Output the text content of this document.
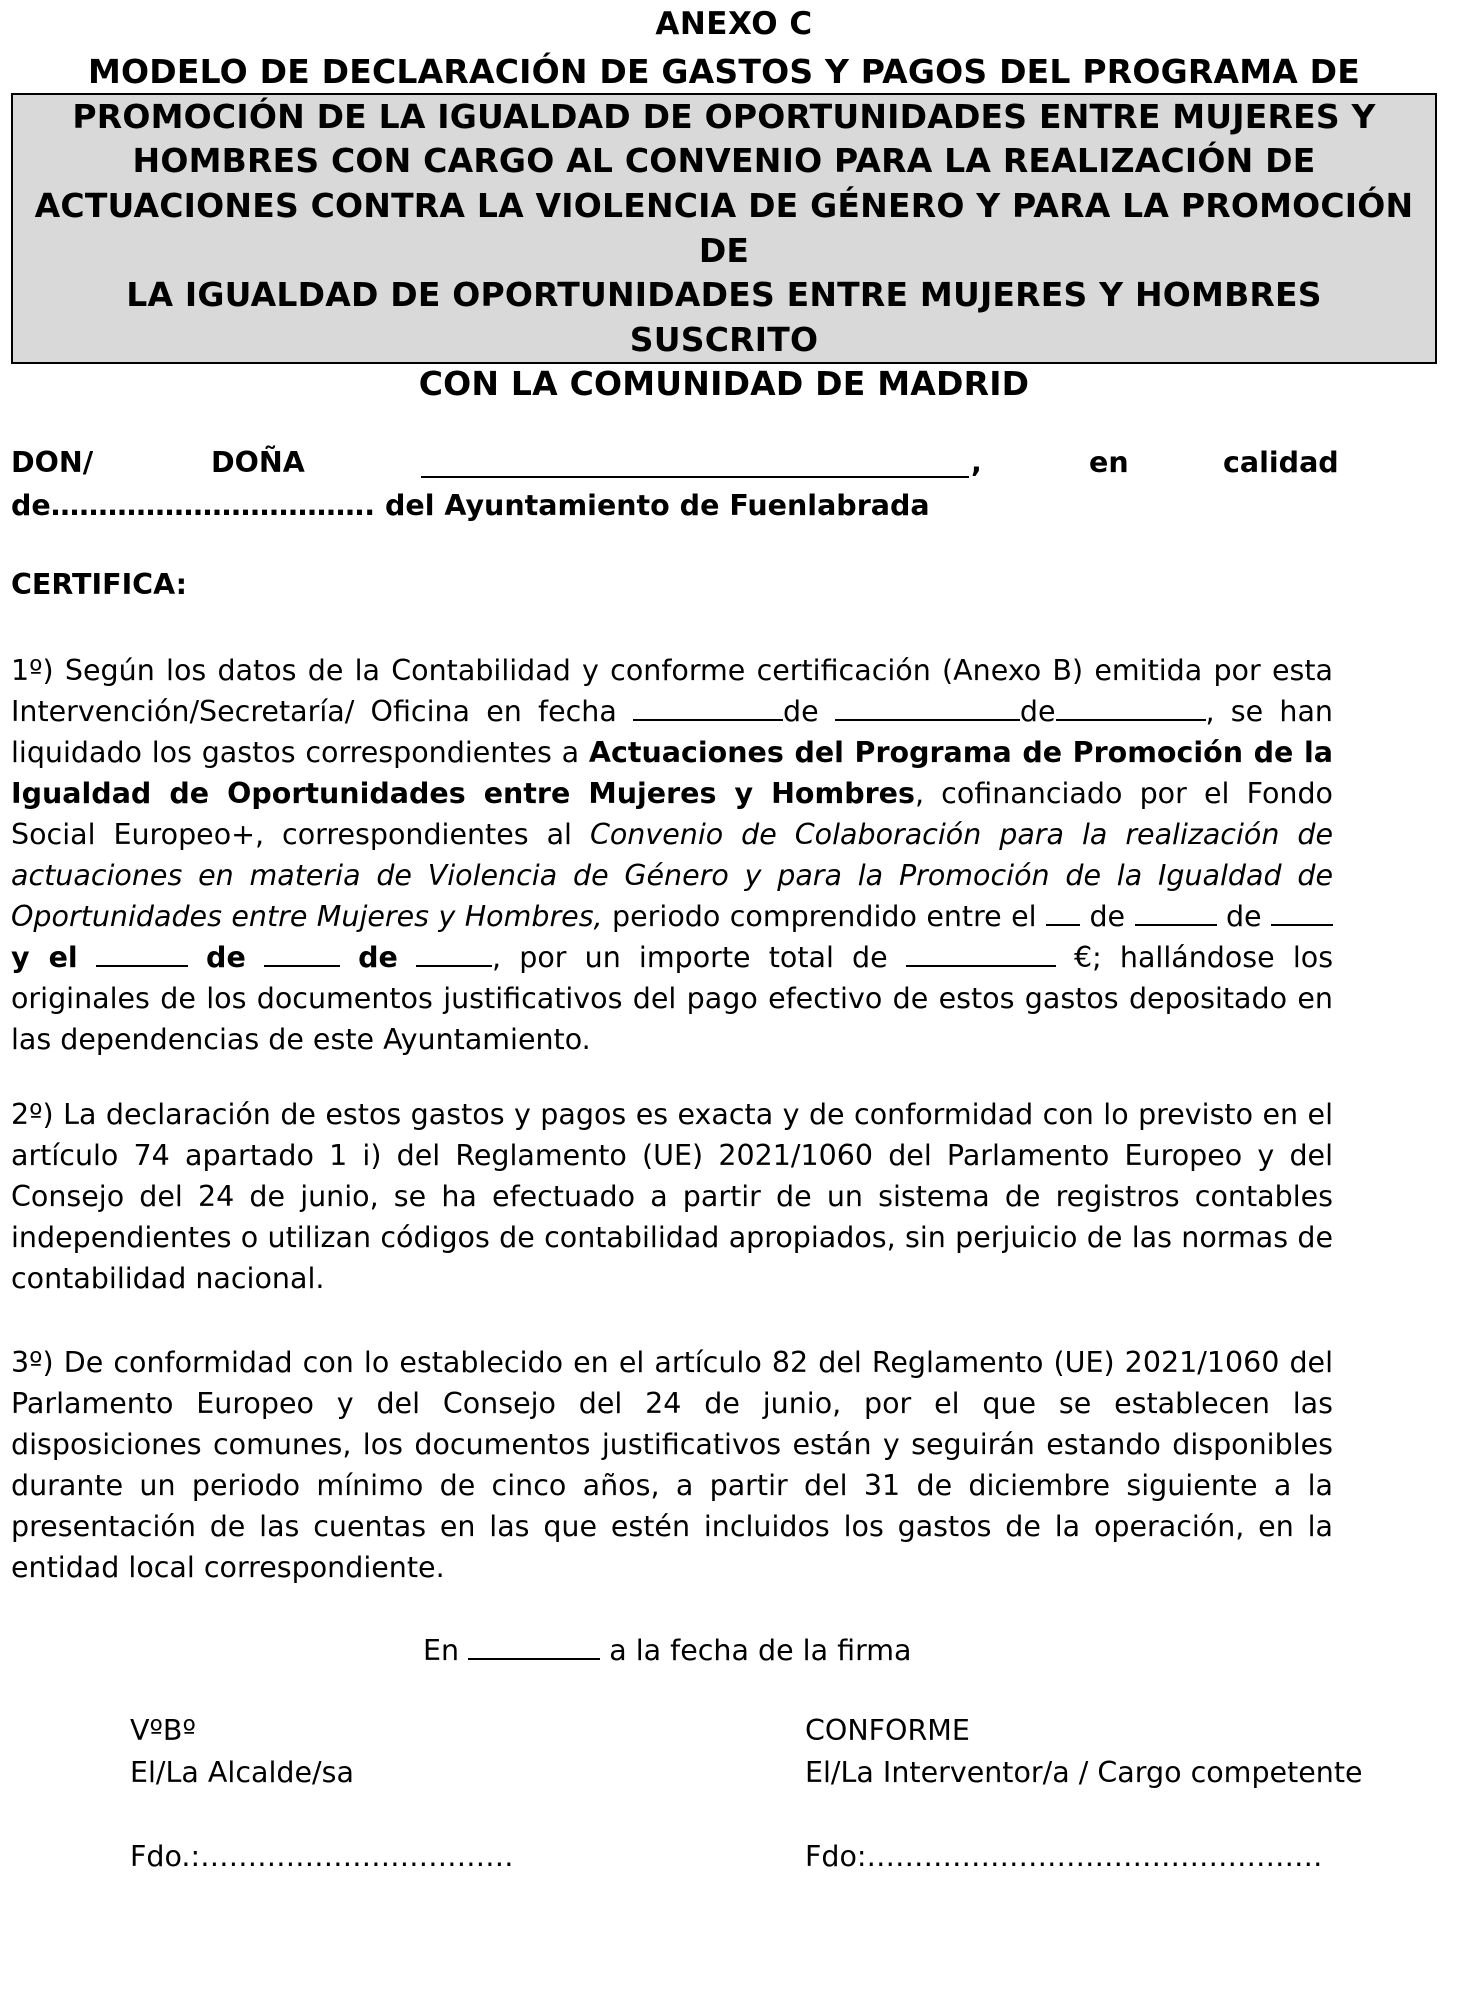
ANEXO C
MODELO DE DECLARACIÓN DE GASTOS Y PAGOS DEL PROGRAMA DE
PROMOCIÓN DE LA IGUALDAD DE OPORTUNIDADES ENTRE MUJERES Y
HOMBRES CON CARGO AL CONVENIO PARA LA REALIZACIÓN DE
ACTUACIONES CONTRA LA VIOLENCIA DE GÉNERO Y PARA LA PROMOCIÓN DE
LA IGUALDAD DE OPORTUNIDADES ENTRE MUJERES Y HOMBRES SUSCRITO
CON LA COMUNIDAD DE MADRID
DON/	DOÑA	,	en	calidad
de……………………………. del Ayuntamiento de Fuenlabrada
CERTIFICA:
1º) Según los datos de la Contabilidad y conforme certificación (Anexo B) emitida por esta Intervención/Secretaría/ Oficina en fecha	de	de	, se han liquidado los gastos correspondientes a Actuaciones del Programa de Promoción de la Igualdad de Oportunidades entre Mujeres y Hombres, cofinanciado por el Fondo Social Europeo+, correspondientes al Convenio de Colaboración para la realización de actuaciones en materia de Violencia de Género y para la Promoción de la Igualdad de Oportunidades entre Mujeres y Hombres, periodo comprendido entre el  de	de y el	de	de	, por un importe total de	€; hallándose los originales de los documentos justificativos del pago efectivo de estos gastos depositado en las dependencias de este Ayuntamiento.
2º) La declaración de estos gastos y pagos es exacta y de conformidad con lo previsto en el artículo 74 apartado 1 i) del Reglamento (UE) 2021/1060 del Parlamento Europeo y del Consejo del 24 de junio, se ha efectuado a partir de un sistema de registros contables independientes o utilizan códigos de contabilidad apropiados, sin perjuicio de las normas de contabilidad nacional.
3º) De conformidad con lo establecido en el artículo 82 del Reglamento (UE) 2021/1060 del Parlamento Europeo y del Consejo del 24 de junio, por el que se establecen las disposiciones comunes, los documentos justificativos están y seguirán estando disponibles durante un periodo mínimo de cinco años, a partir del 31 de diciembre siguiente a la presentación de las cuentas en las que estén incluidos los gastos de la operación, en la entidad local correspondiente.
En	a la fecha de la firma
VºBº
El/La Alcalde/sa
Fdo.:……………………………
CONFORME
El/La Interventor/a / Cargo competente
Fdo:…………………………………………
